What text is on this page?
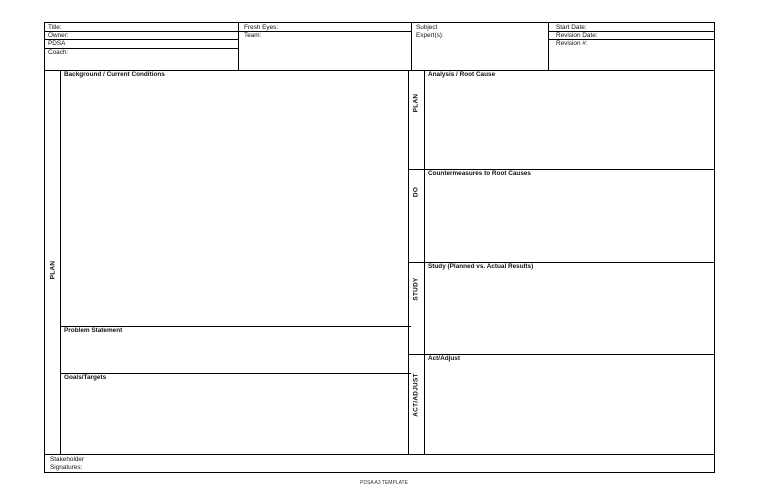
Title:
Owner:
PDSA
Coach:
Fresh Eyes:
Team:
Subject
Expert(s):
Start Date:
Revision Date:
Revision #:
PLAN
Background / Current Conditions
Problem Statement
Goals/Targets
PLAN
Analysis / Root Cause
DO
Countermeasures to Root Causes
STUDY
Study (Planned vs. Actual Results)
ACT/ADJUST
Act/Adjust
Stakeholder
Signatures:
PDSA A3 TEMPLATE
